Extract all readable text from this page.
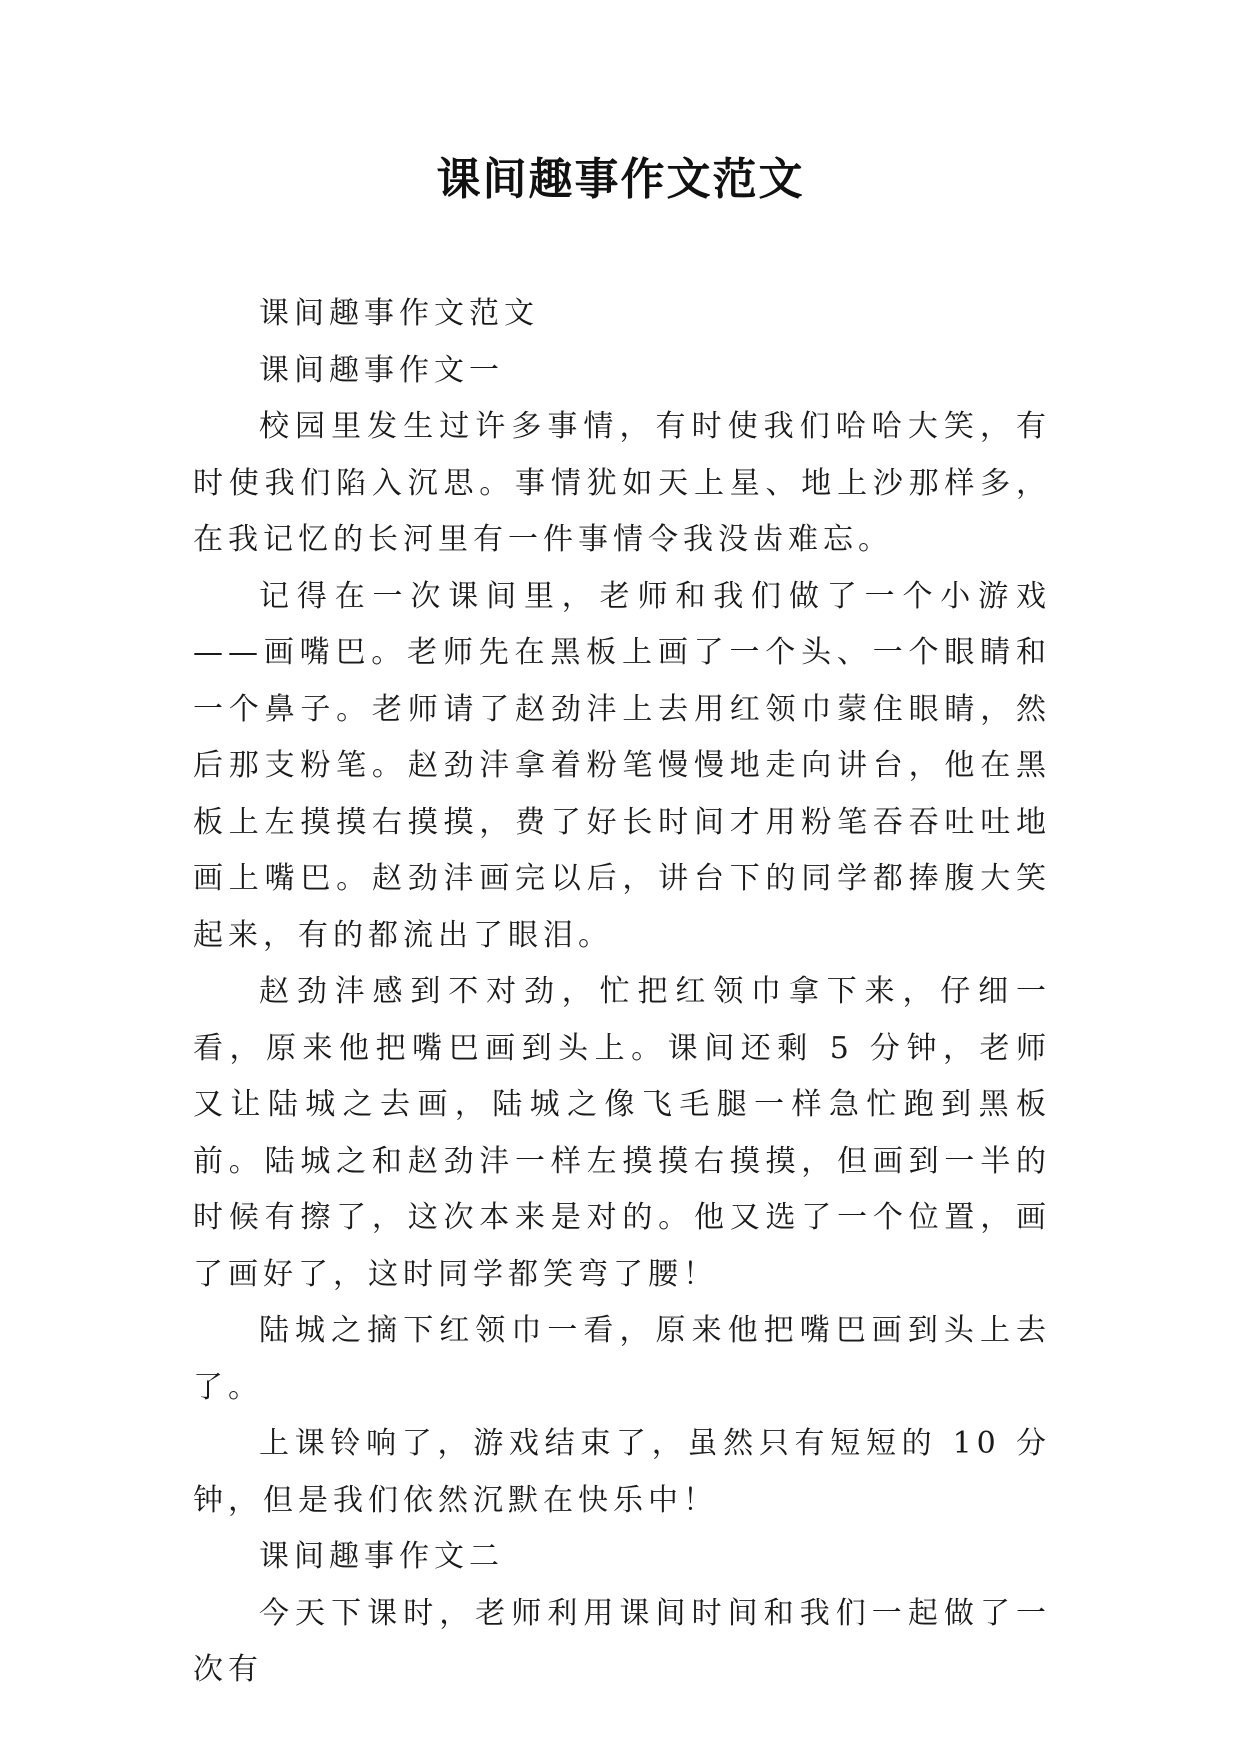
课间趣事作文范文

课间趣事作文范文

课间趣事作文一

校园里发生过许多事情，有时使我们哈哈大笑，有时使我们陷入沉思。事情犹如天上星、地上沙那样多，在我记忆的长河里有一件事情令我没齿难忘。

记得在一次课间里，老师和我们做了一个小游戏——画嘴巴。老师先在黑板上画了一个头、一个眼睛和一个鼻子。老师请了赵劲沣上去用红领巾蒙住眼睛，然后那支粉笔。赵劲沣拿着粉笔慢慢地走向讲台，他在黑板上左摸摸右摸摸，费了好长时间才用粉笔吞吞吐吐地画上嘴巴。赵劲沣画完以后，讲台下的同学都捧腹大笑起来，有的都流出了眼泪。

赵劲沣感到不对劲，忙把红领巾拿下来，仔细一看，原来他把嘴巴画到头上。课间还剩 5 分钟，老师又让陆城之去画，陆城之像飞毛腿一样急忙跑到黑板前。陆城之和赵劲沣一样左摸摸右摸摸，但画到一半的时候有擦了，这次本来是对的。他又选了一个位置，画了画好了，这时同学都笑弯了腰！

陆城之摘下红领巾一看，原来他把嘴巴画到头上去了。

上课铃响了，游戏结束了，虽然只有短短的 10 分钟，但是我们依然沉默在快乐中！

课间趣事作文二

今天下课时，老师利用课间时间和我们一起做了一次有
